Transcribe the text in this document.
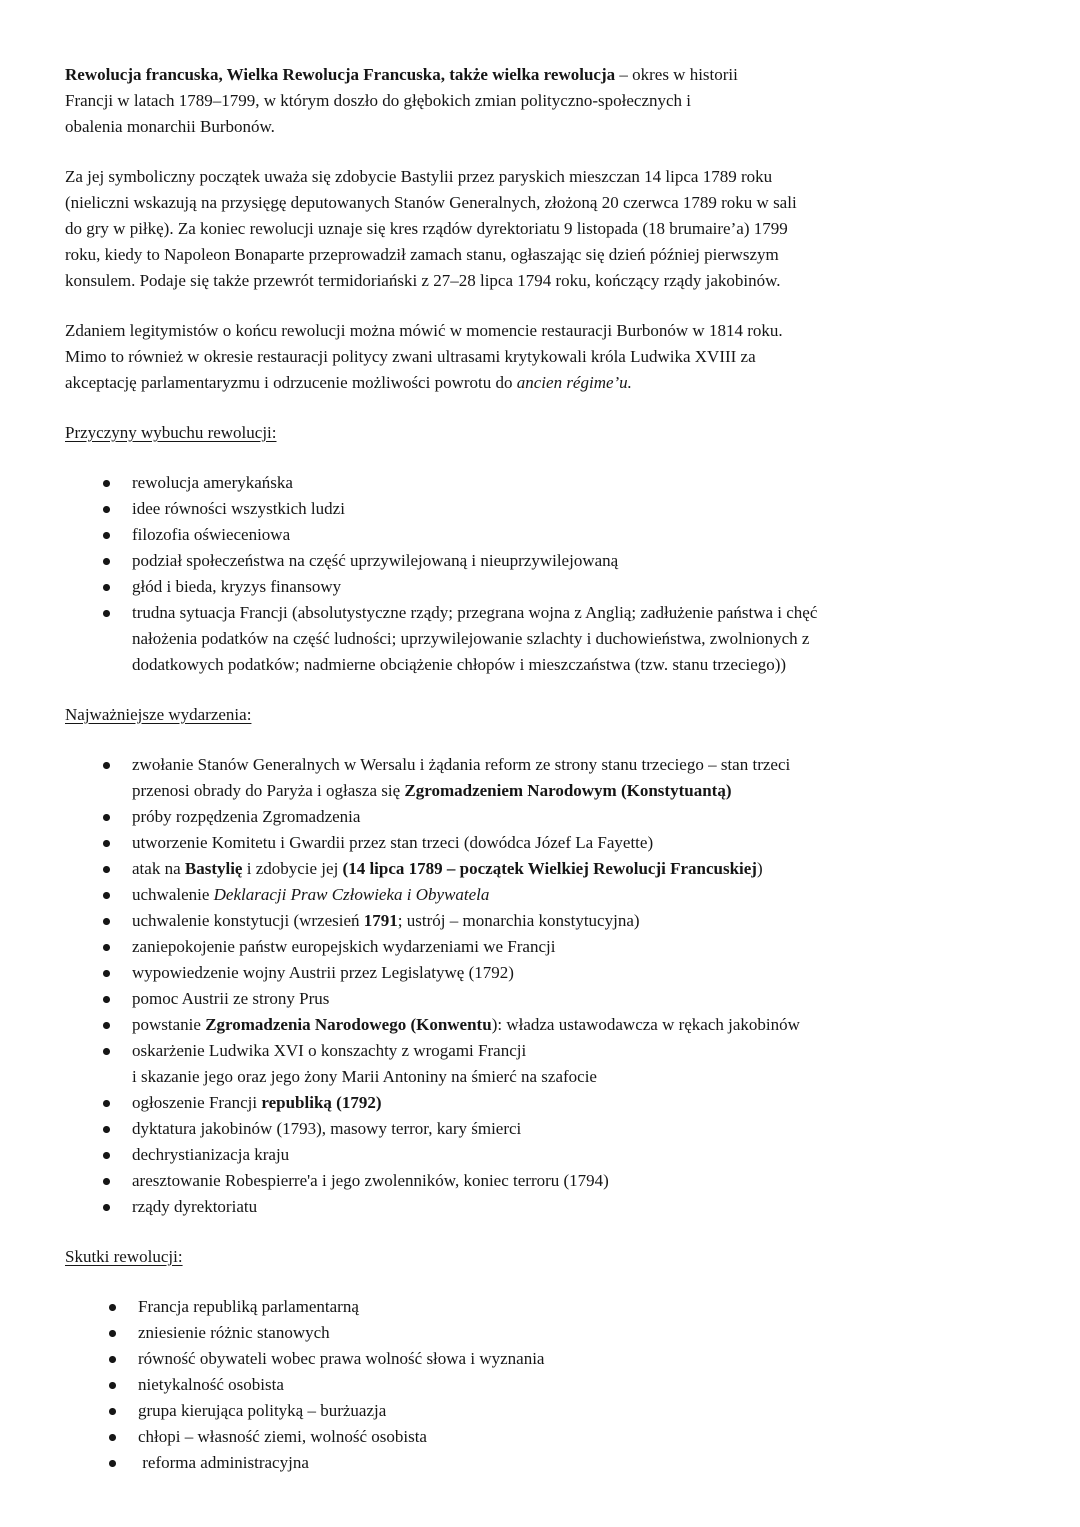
Rewolucja francuska, Wielka Rewolucja Francuska, także wielka rewolucja – okres w historii
Francji w latach 1789–1799, w którym doszło do głębokich zmian polityczno-społecznych i
obalenia monarchii Burbonów.
Za jej symboliczny początek uważa się zdobycie Bastylii przez paryskich mieszczan 14 lipca 1789 roku
(nieliczni wskazują na przysięgę deputowanych Stanów Generalnych, złożoną 20 czerwca 1789 roku w sali
do gry w piłkę). Za koniec rewolucji uznaje się kres rządów dyrektoriatu 9 listopada (18 brumaire’a) 1799
roku, kiedy to Napoleon Bonaparte przeprowadził zamach stanu, ogłaszając się dzień później pierwszym
konsulem. Podaje się także przewrót termidoriański z 27–28 lipca 1794 roku, kończący rządy jakobinów.
Zdaniem legitymistów o końcu rewolucji można mówić w momencie restauracji Burbonów w 1814 roku.
Mimo to również w okresie restauracji politycy zwani ultrasami krytykowali króla Ludwika XVIII za
akceptację parlamentaryzmu i odrzucenie możliwości powrotu do ancien régime’u.
Przyczyny wybuchu rewolucji:
rewolucja amerykańska
idee równości wszystkich ludzi
filozofia oświeceniowa
podział społeczeństwa na część uprzywilejowaną i nieuprzywilejowaną
głód i bieda, kryzys finansowy
trudna sytuacja Francji (absolutystyczne rządy; przegrana wojna z Anglią; zadłużenie państwa i chęć
nałożenia podatków na część ludności; uprzywilejowanie szlachty i duchowieństwa, zwolnionych z
dodatkowych podatków; nadmierne obciążenie chłopów i mieszczaństwa (tzw. stanu trzeciego))
Najważniejsze wydarzenia:
zwołanie Stanów Generalnych w Wersalu i żądania reform ze strony stanu trzeciego – stan trzeci
przenosi obrady do Paryża i ogłasza się Zgromadzeniem Narodowym (Konstytuantą)
próby rozpędzenia Zgromadzenia
utworzenie Komitetu i Gwardii przez stan trzeci (dowódca Józef La Fayette)
atak na Bastylię i zdobycie jej (14 lipca 1789 – początek Wielkiej Rewolucji Francuskiej)
uchwalenie Deklaracji Praw Człowieka i Obywatela
uchwalenie konstytucji (wrzesień 1791; ustrój – monarchia konstytucyjna)
zaniepokojenie państw europejskich wydarzeniami we Francji
wypowiedzenie wojny Austrii przez Legislatywę (1792)
pomoc Austrii ze strony Prus
powstanie Zgromadzenia Narodowego (Konwentu): władza ustawodawcza w rękach jakobinów
oskarżenie Ludwika XVI o konszachty z wrogami Francji
i skazanie jego oraz jego żony Marii Antoniny na śmierć na szafocie
ogłoszenie Francji republiką (1792)
dyktatura jakobinów (1793), masowy terror, kary śmierci
dechrystianizacja kraju
aresztowanie Robespierre'a i jego zwolenników, koniec terroru (1794)
rządy dyrektoriatu
Skutki rewolucji:
Francja republiką parlamentarną
zniesienie różnic stanowych
równość obywateli wobec prawa wolność słowa i wyznania
nietykalność osobista
grupa kierująca polityką – burżuazja
chłopi – własność ziemi, wolność osobista
reforma administracyjna
